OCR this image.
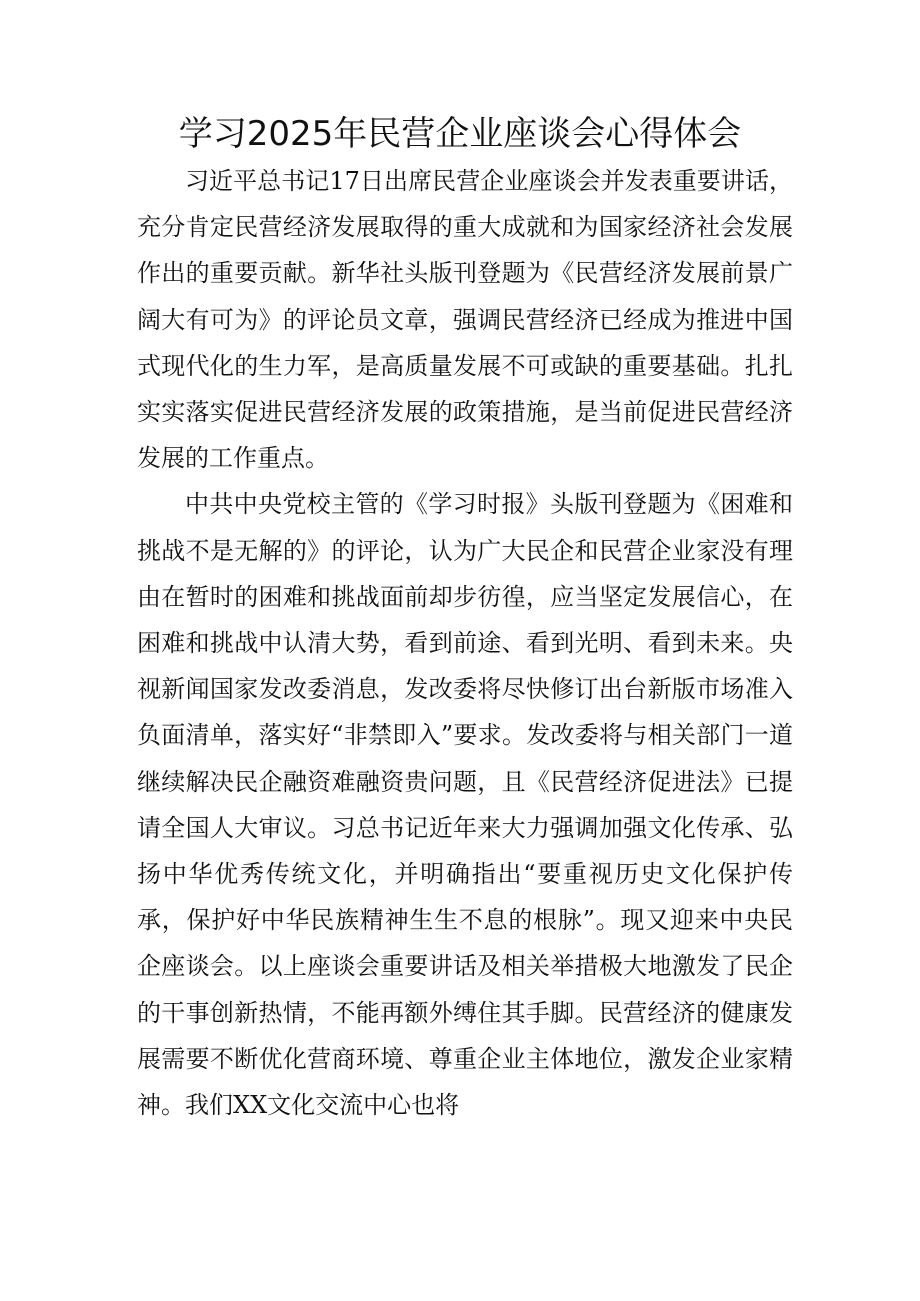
学习2025年民营企业座谈会心得体会

习近平总书记17日出席民营企业座谈会并发表重要讲话，充分肯定民营经济发展取得的重大成就和为国家经济社会发展作出的重要贡献。新华社头版刊登题为《民营经济发展前景广阔大有可为》的评论员文章，强调民营经济已经成为推进中国式现代化的生力军，是高质量发展不可或缺的重要基础。扎扎实实落实促进民营经济发展的政策措施，是当前促进民营经济发展的工作重点。

中共中央党校主管的《学习时报》头版刊登题为《困难和挑战不是无解的》的评论，认为广大民企和民营企业家没有理由在暂时的困难和挑战面前却步彷徨，应当坚定发展信心，在困难和挑战中认清大势，看到前途、看到光明、看到未来。央视新闻国家发改委消息，发改委将尽快修订出台新版市场准入负面清单，落实好“非禁即入”要求。发改委将与相关部门一道继续解决民企融资难融资贵问题，且《民营经济促进法》已提请全国人大审议。习总书记近年来大力强调加强文化传承、弘扬中华优秀传统文化，并明确指出“要重视历史文化保护传承，保护好中华民族精神生生不息的根脉”。现又迎来中央民企座谈会。以上座谈会重要讲话及相关举措极大地激发了民企的干事创新热情，不能再额外缚住其手脚。民营经济的健康发展需要不断优化营商环境、尊重企业主体地位，激发企业家精神。我们XX文化交流中心也将
